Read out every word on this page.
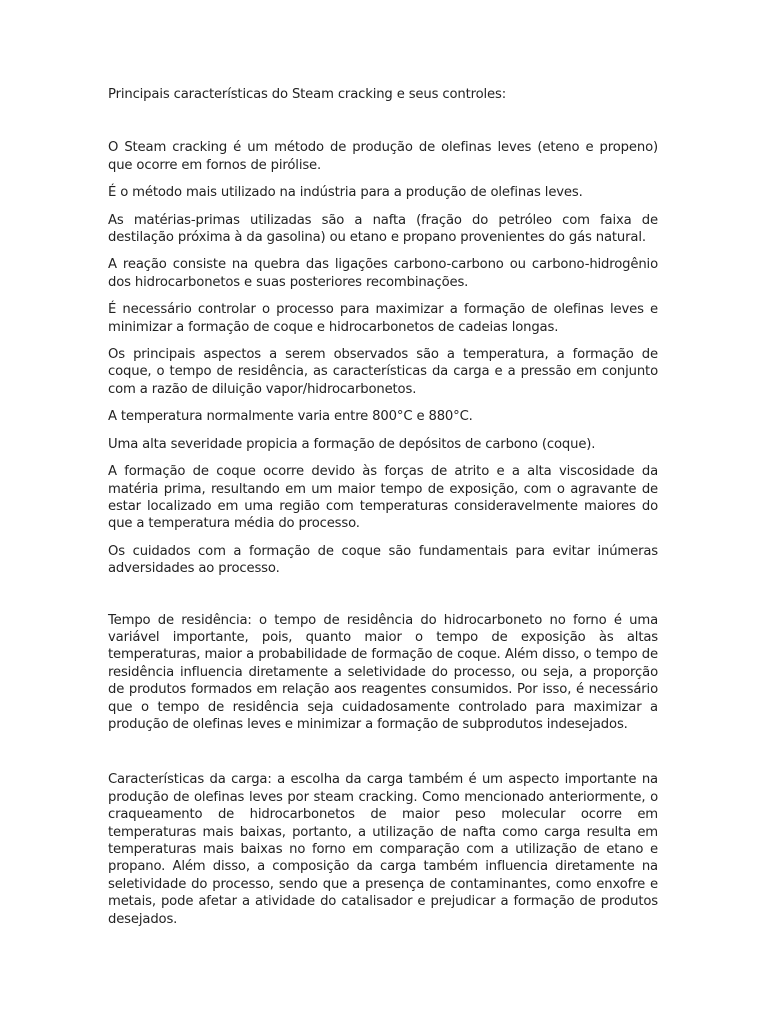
Principais características do Steam cracking e seus controles:
O Steam cracking é um método de produção de olefinas leves (eteno e propeno) que ocorre em fornos de pirólise.
É o método mais utilizado na indústria para a produção de olefinas leves.
As matérias-primas utilizadas são a nafta (fração do petróleo com faixa de destilação próxima à da gasolina) ou etano e propano provenientes do gás natural.
A reação consiste na quebra das ligações carbono-carbono ou carbono-hidrogênio dos hidrocarbonetos e suas posteriores recombinações.
É necessário controlar o processo para maximizar a formação de olefinas leves e minimizar a formação de coque e hidrocarbonetos de cadeias longas.
Os principais aspectos a serem observados são a temperatura, a formação de coque, o tempo de residência, as características da carga e a pressão em conjunto com a razão de diluição vapor/hidrocarbonetos.
A temperatura normalmente varia entre 800°C e 880°C.
Uma alta severidade propicia a formação de depósitos de carbono (coque).
A formação de coque ocorre devido às forças de atrito e a alta viscosidade da matéria prima, resultando em um maior tempo de exposição, com o agravante de estar localizado em uma região com temperaturas consideravelmente maiores do que a temperatura média do processo.
Os cuidados com a formação de coque são fundamentais para evitar inúmeras adversidades ao processo.
Tempo de residência: o tempo de residência do hidrocarboneto no forno é uma variável importante, pois, quanto maior o tempo de exposição às altas temperaturas, maior a probabilidade de formação de coque. Além disso, o tempo de residência influencia diretamente a seletividade do processo, ou seja, a proporção de produtos formados em relação aos reagentes consumidos. Por isso, é necessário que o tempo de residência seja cuidadosamente controlado para maximizar a produção de olefinas leves e minimizar a formação de subprodutos indesejados.
Características da carga: a escolha da carga também é um aspecto importante na produção de olefinas leves por steam cracking. Como mencionado anteriormente, o craqueamento de hidrocarbonetos de maior peso molecular ocorre em temperaturas mais baixas, portanto, a utilização de nafta como carga resulta em temperaturas mais baixas no forno em comparação com a utilização de etano e propano. Além disso, a composição da carga também influencia diretamente na seletividade do processo, sendo que a presença de contaminantes, como enxofre e metais, pode afetar a atividade do catalisador e prejudicar a formação de produtos desejados.
